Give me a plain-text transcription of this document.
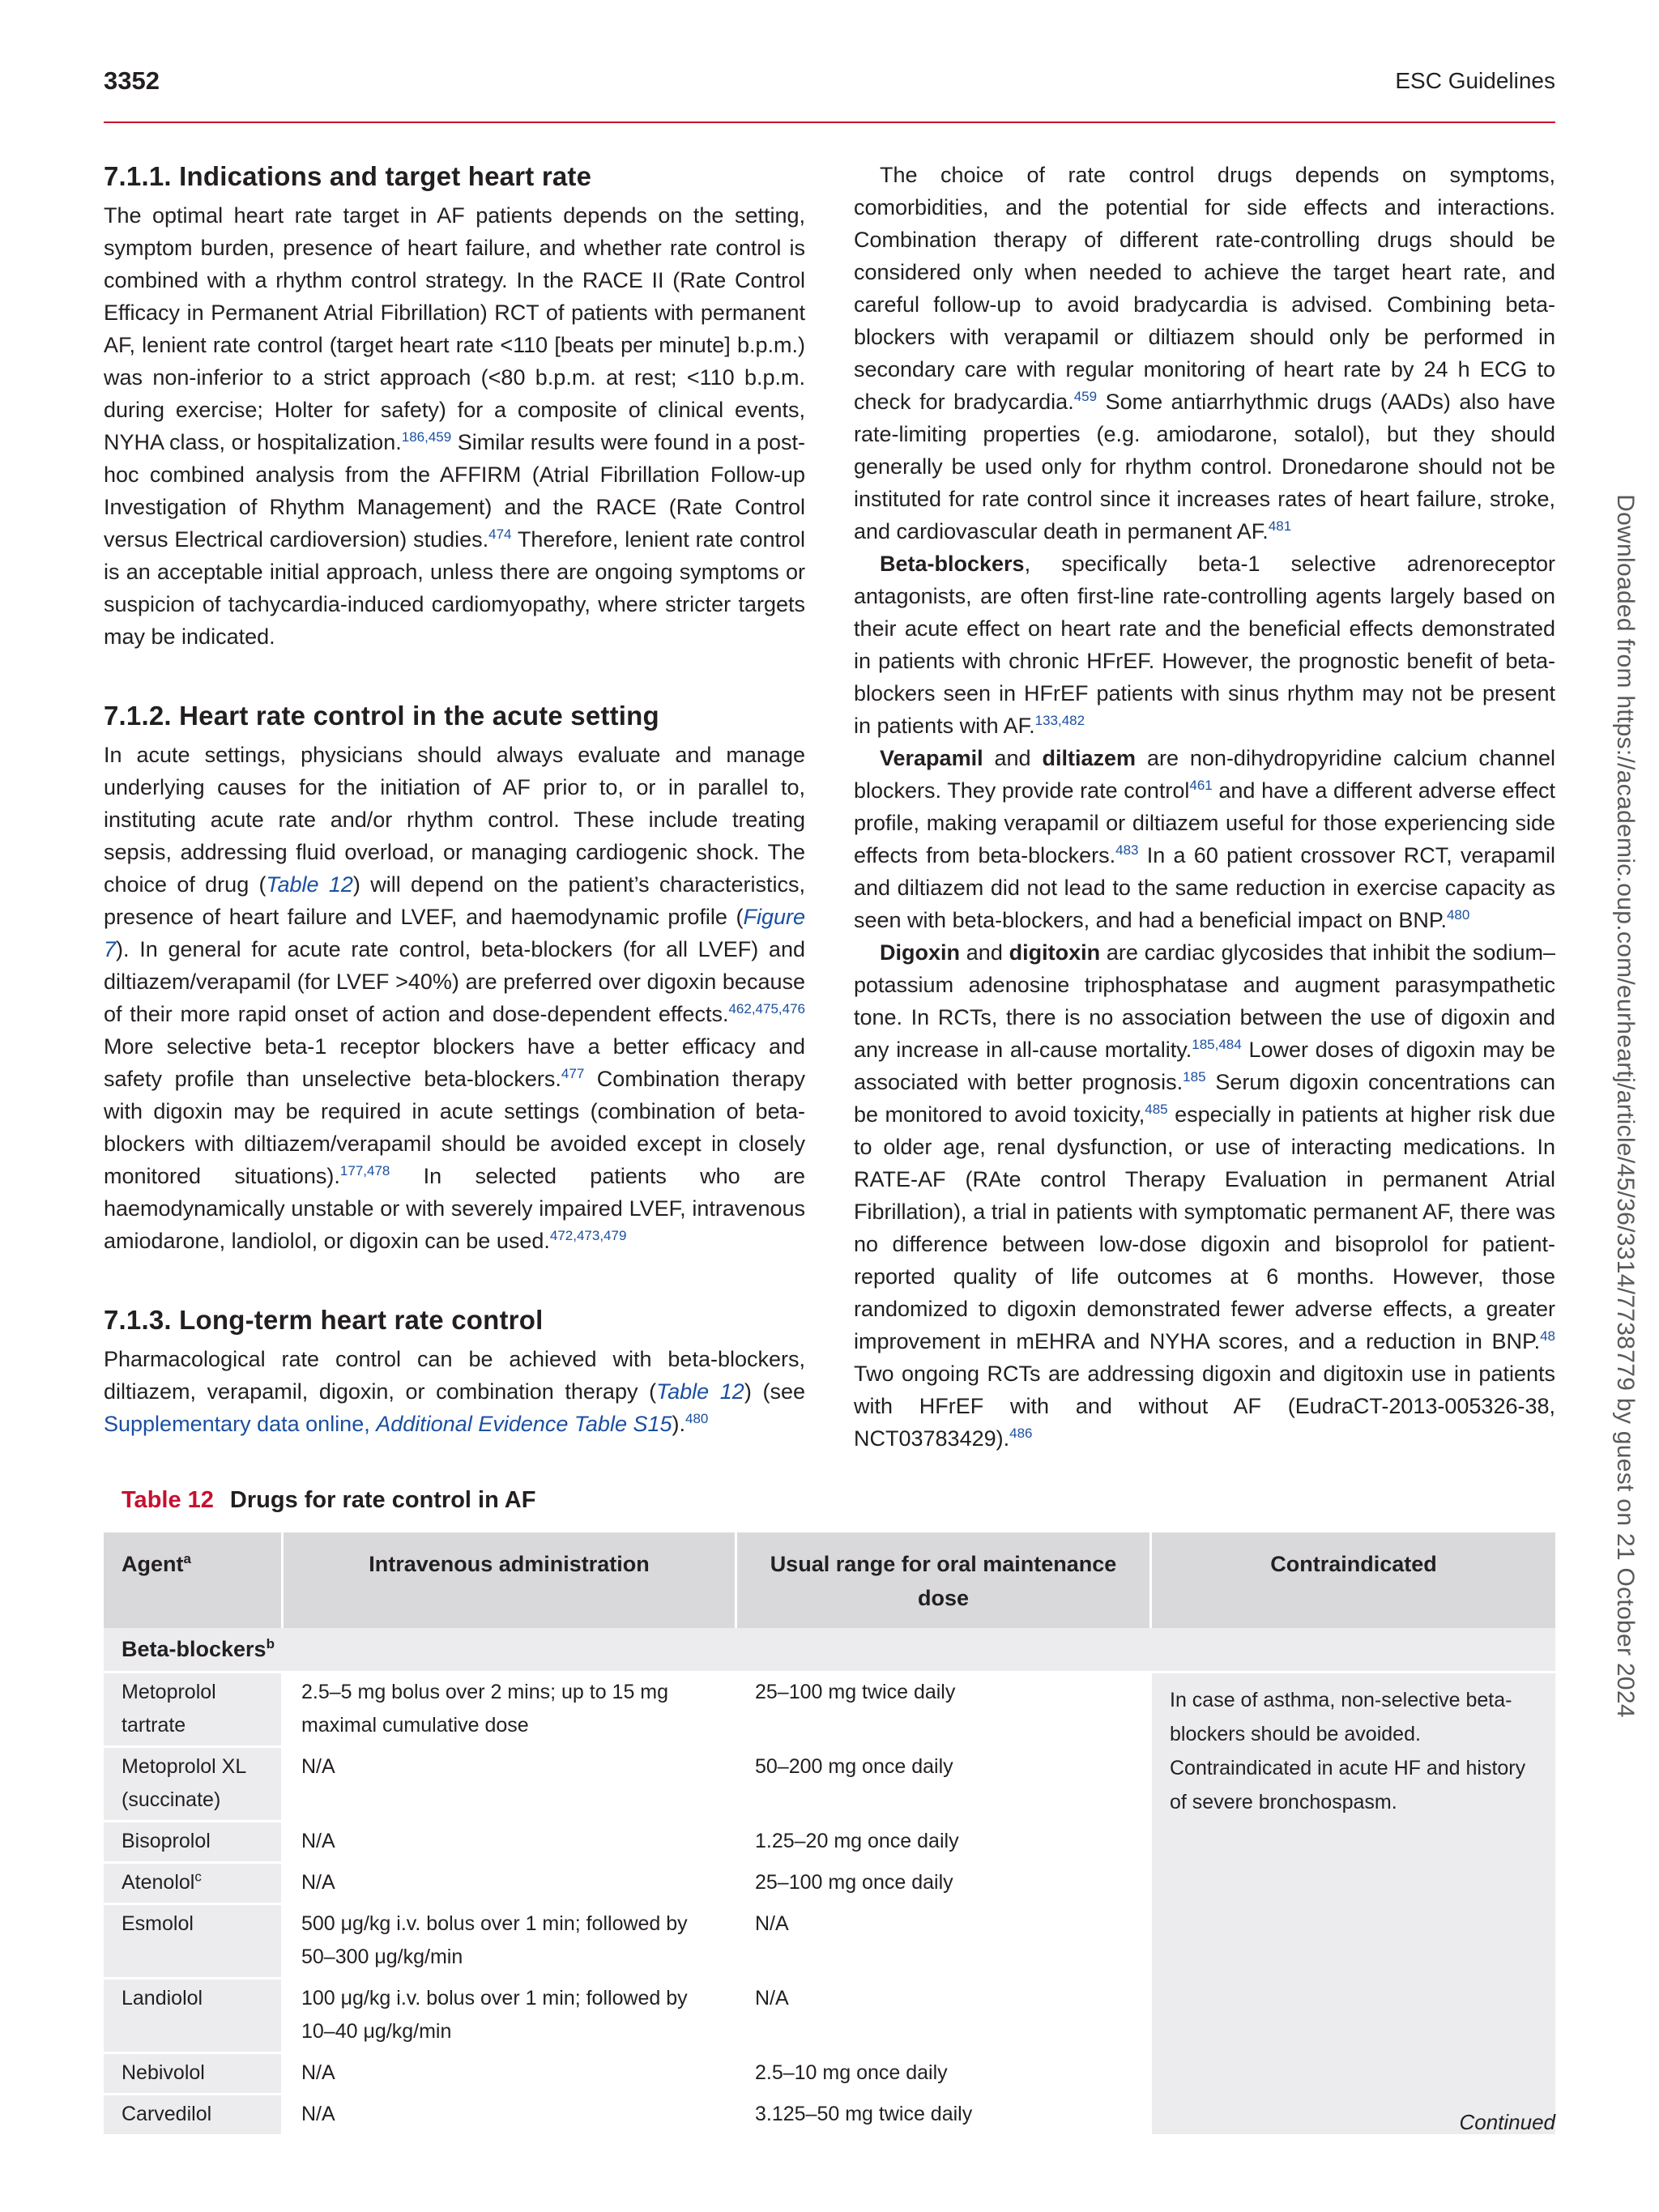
3352	ESC Guidelines
Downloaded from https://academic.oup.com/eurheartj/article/45/36/3314/7738779 by guest on 21 October 2024
7.1.1. Indications and target heart rate

The optimal heart rate target in AF patients depends on the setting, symptom burden, presence of heart failure, and whether rate control is combined with a rhythm control strategy. In the RACE II (Rate Control Efficacy in Permanent Atrial Fibrillation) RCT of patients with permanent AF, lenient rate control (target heart rate <110 [beats per minute] b.p.m.) was non-inferior to a strict approach (<80 b.p.m. at rest; <110 b.p.m. during exercise; Holter for safety) for a composite of clinical events, NYHA class, or hospitalization.$^{186,459}$ Similar results were found in a post-hoc combined analysis from the AFFIRM (Atrial Fibrillation Follow-up Investigation of Rhythm Management) and the RACE (Rate Control versus Electrical cardioversion) studies.$^{474}$ Therefore, lenient rate control is an acceptable initial approach, unless there are ongoing symptoms or suspicion of tachycardia-induced cardiomyopathy, where stricter targets may be indicated.

7.1.2. Heart rate control in the acute setting

In acute settings, physicians should always evaluate and manage underlying causes for the initiation of AF prior to, or in parallel to, instituting acute rate and/or rhythm control. These include treating sepsis, addressing fluid overload, or managing cardiogenic shock. The choice of drug (Table 12) will depend on the patient’s characteristics, presence of heart failure and LVEF, and haemodynamic profile (Figure 7). In general for acute rate control, beta-blockers (for all LVEF) and diltiazem/verapamil (for LVEF >40%) are preferred over digoxin because of their more rapid onset of action and dose-dependent effects.$^{462,475,476}$ More selective beta-1 receptor blockers have a better efficacy and safety profile than unselective beta-blockers.$^{477}$ Combination therapy with digoxin may be required in acute settings (combination of beta-blockers with diltiazem/verapamil should be avoided except in closely monitored situations).$^{177,478}$ In selected patients who are haemodynamically unstable or with severely impaired LVEF, intravenous amiodarone, landiolol, or digoxin can be used.$^{472,473,479}$

7.1.3. Long-term heart rate control

Pharmacological rate control can be achieved with beta-blockers, diltiazem, verapamil, digoxin, or combination therapy (Table 12) (see Supplementary data online, Additional Evidence Table S15).$^{480}$

The choice of rate control drugs depends on symptoms, comorbidities, and the potential for side effects and interactions. Combination therapy of different rate-controlling drugs should be considered only when needed to achieve the target heart rate, and careful follow-up to avoid bradycardia is advised. Combining beta-blockers with verapamil or diltiazem should only be performed in secondary care with regular monitoring of heart rate by 24 h ECG to check for bradycardia.$^{459}$ Some antiarrhythmic drugs (AADs) also have rate-limiting properties (e.g. amiodarone, sotalol), but they should generally be used only for rhythm control. Dronedarone should not be instituted for rate control since it increases rates of heart failure, stroke, and cardiovascular death in permanent AF.$^{481}$

Beta-blockers, specifically beta-1 selective adrenoreceptor antagonists, are often first-line rate-controlling agents largely based on their acute effect on heart rate and the beneficial effects demonstrated in patients with chronic HFrEF. However, the prognostic benefit of beta-blockers seen in HFrEF patients with sinus rhythm may not be present in patients with AF.$^{133,482}$

Verapamil and diltiazem are non-dihydropyridine calcium channel blockers. They provide rate control$^{461}$ and have a different adverse effect profile, making verapamil or diltiazem useful for those experiencing side effects from beta-blockers.$^{483}$ In a 60 patient crossover RCT, verapamil and diltiazem did not lead to the same reduction in exercise capacity as seen with beta-blockers, and had a beneficial impact on BNP.$^{480}$

Digoxin and digitoxin are cardiac glycosides that inhibit the sodium–potassium adenosine triphosphatase and augment parasympathetic tone. In RCTs, there is no association between the use of digoxin and any increase in all-cause mortality.$^{185,484}$ Lower doses of digoxin may be associated with better prognosis.$^{185}$ Serum digoxin concentrations can be monitored to avoid toxicity,$^{485}$ especially in patients at higher risk due to older age, renal dysfunction, or use of interacting medications. In RATE-AF (RAte control Therapy Evaluation in permanent Atrial Fibrillation), a trial in patients with symptomatic permanent AF, there was no difference between low-dose digoxin and bisoprolol for patient-reported quality of life outcomes at 6 months. However, those randomized to digoxin demonstrated fewer adverse effects, a greater improvement in mEHRA and NYHA scores, and a reduction in BNP.$^{48}$ Two ongoing RCTs are addressing digoxin and digitoxin use in patients with HFrEF with and without AF (EudraCT-2013-005326-38, NCT03783429).$^{486}$

Table 12 Drugs for rate control in AF
Agent$^a$	Intravenous administration	Usual range for oral maintenance dose	Contraindicated
Beta-blockers$^b$
Metoprolol tartrate	2.5–5 mg bolus over 2 mins; up to 15 mg maximal cumulative dose	25–100 mg twice daily	In case of asthma, non-selective beta-blockers should be avoided. Contraindicated in acute HF and history of severe bronchospasm.
Metoprolol XL (succinate)	N/A	50–200 mg once daily	
Bisoprolol	N/A	1.25–20 mg once daily	
Atenolol$^c$	N/A	25–100 mg once daily	
Esmolol	500 μg/kg i.v. bolus over 1 min; followed by 50–300 μg/kg/min	N/A	
Landiolol	100 μg/kg i.v. bolus over 1 min; followed by 10–40 μg/kg/min	N/A	
Nebivolol	N/A	2.5–10 mg once daily	
Carvedilol	N/A	3.125–50 mg twice daily		Continued
